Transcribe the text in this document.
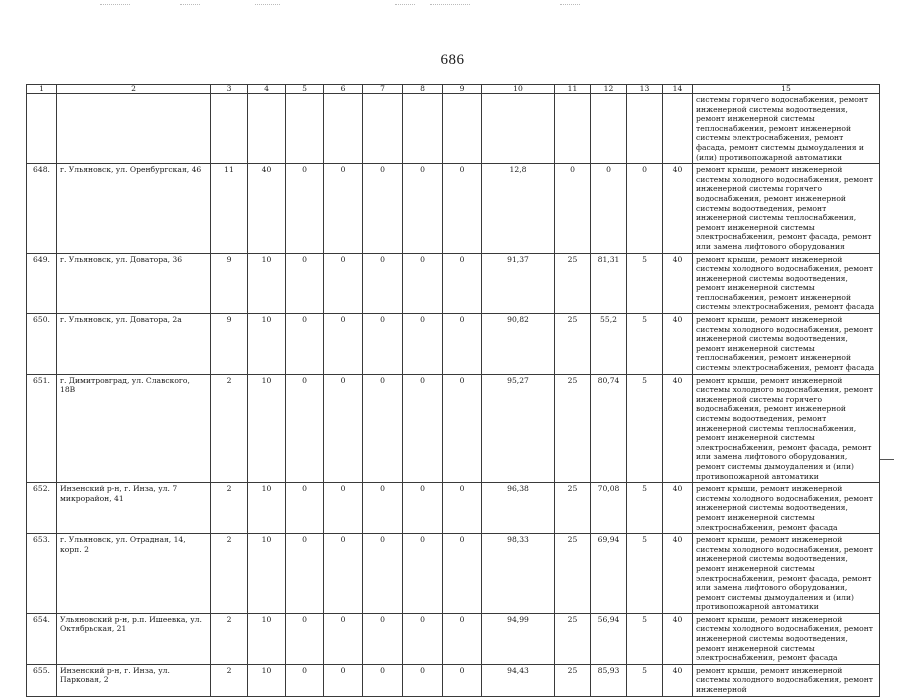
686
1	2	3	4	5	6	7	8	9	10	11	12	13	14	15
														системы горячего водоснабжения, ремонт инженерной системы водоотведения, ремонт инженерной системы теплоснабжения, ремонт инженерной системы электроснабжения, ремонт фасада, ремонт системы дымоудаления и (или) противопожарной автоматики
648.	г. Ульяновск, ул. Оренбургская, 46	11	40	0	0	0	0	0	12,8	0	0	0	40	ремонт крыши, ремонт инженерной системы холодного водоснабжения, ремонт инженерной системы горячего водоснабжения, ремонт инженерной системы водоотведения, ремонт инженерной системы теплоснабжения, ремонт инженерной системы электроснабжения, ремонт фасада, ремонт или замена лифтового оборудования
649.	г. Ульяновск, ул. Доватора, 36	9	10	0	0	0	0	0	91,37	25	81,31	5	40	ремонт крыши, ремонт инженерной системы холодного водоснабжения, ремонт инженерной системы водоотведения, ремонт инженерной системы теплоснабжения, ремонт инженерной системы электроснабжения, ремонт фасада
650.	г. Ульяновск, ул. Доватора, 2а	9	10	0	0	0	0	0	90,82	25	55,2	5	40	ремонт крыши, ремонт инженерной системы холодного водоснабжения, ремонт инженерной системы водоотведения, ремонт инженерной системы теплоснабжения, ремонт инженерной системы электроснабжения, ремонт фасада
651.	г. Димитровград, ул. Славского, 18В	2	10	0	0	0	0	0	95,27	25	80,74	5	40	ремонт крыши, ремонт инженерной системы холодного водоснабжения, ремонт инженерной системы горячего водоснабжения, ремонт инженерной системы водоотведения, ремонт инженерной системы теплоснабжения, ремонт инженерной системы электроснабжения, ремонт фасада, ремонт или замена лифтового оборудования, ремонт системы дымоудаления и (или) противопожарной автоматики
652.	Инзенский р-н, г. Инза, ул. 7 микрорайон, 41	2	10	0	0	0	0	0	96,38	25	70,08	5	40	ремонт крыши, ремонт инженерной системы холодного водоснабжения, ремонт инженерной системы водоотведения, ремонт инженерной системы электроснабжения, ремонт фасада
653.	г. Ульяновск, ул. Отрадная, 14, корп. 2	2	10	0	0	0	0	0	98,33	25	69,94	5	40	ремонт крыши, ремонт инженерной системы холодного водоснабжения, ремонт инженерной системы водоотведения, ремонт инженерной системы электроснабжения, ремонт фасада, ремонт или замена лифтового оборудования, ремонт системы дымоудаления и (или) противопожарной автоматики
654.	Ульяновский р-н, р.п. Ишеевка, ул. Октябрьская, 21	2	10	0	0	0	0	0	94,99	25	56,94	5	40	ремонт крыши, ремонт инженерной системы холодного водоснабжения, ремонт инженерной системы водоотведения, ремонт инженерной системы электроснабжения, ремонт фасада
655.	Инзенский р-н, г. Инза, ул. Парковая, 2	2	10	0	0	0	0	0	94,43	25	85,93	5	40	ремонт крыши, ремонт инженерной системы холодного водоснабжения, ремонт инженерной
